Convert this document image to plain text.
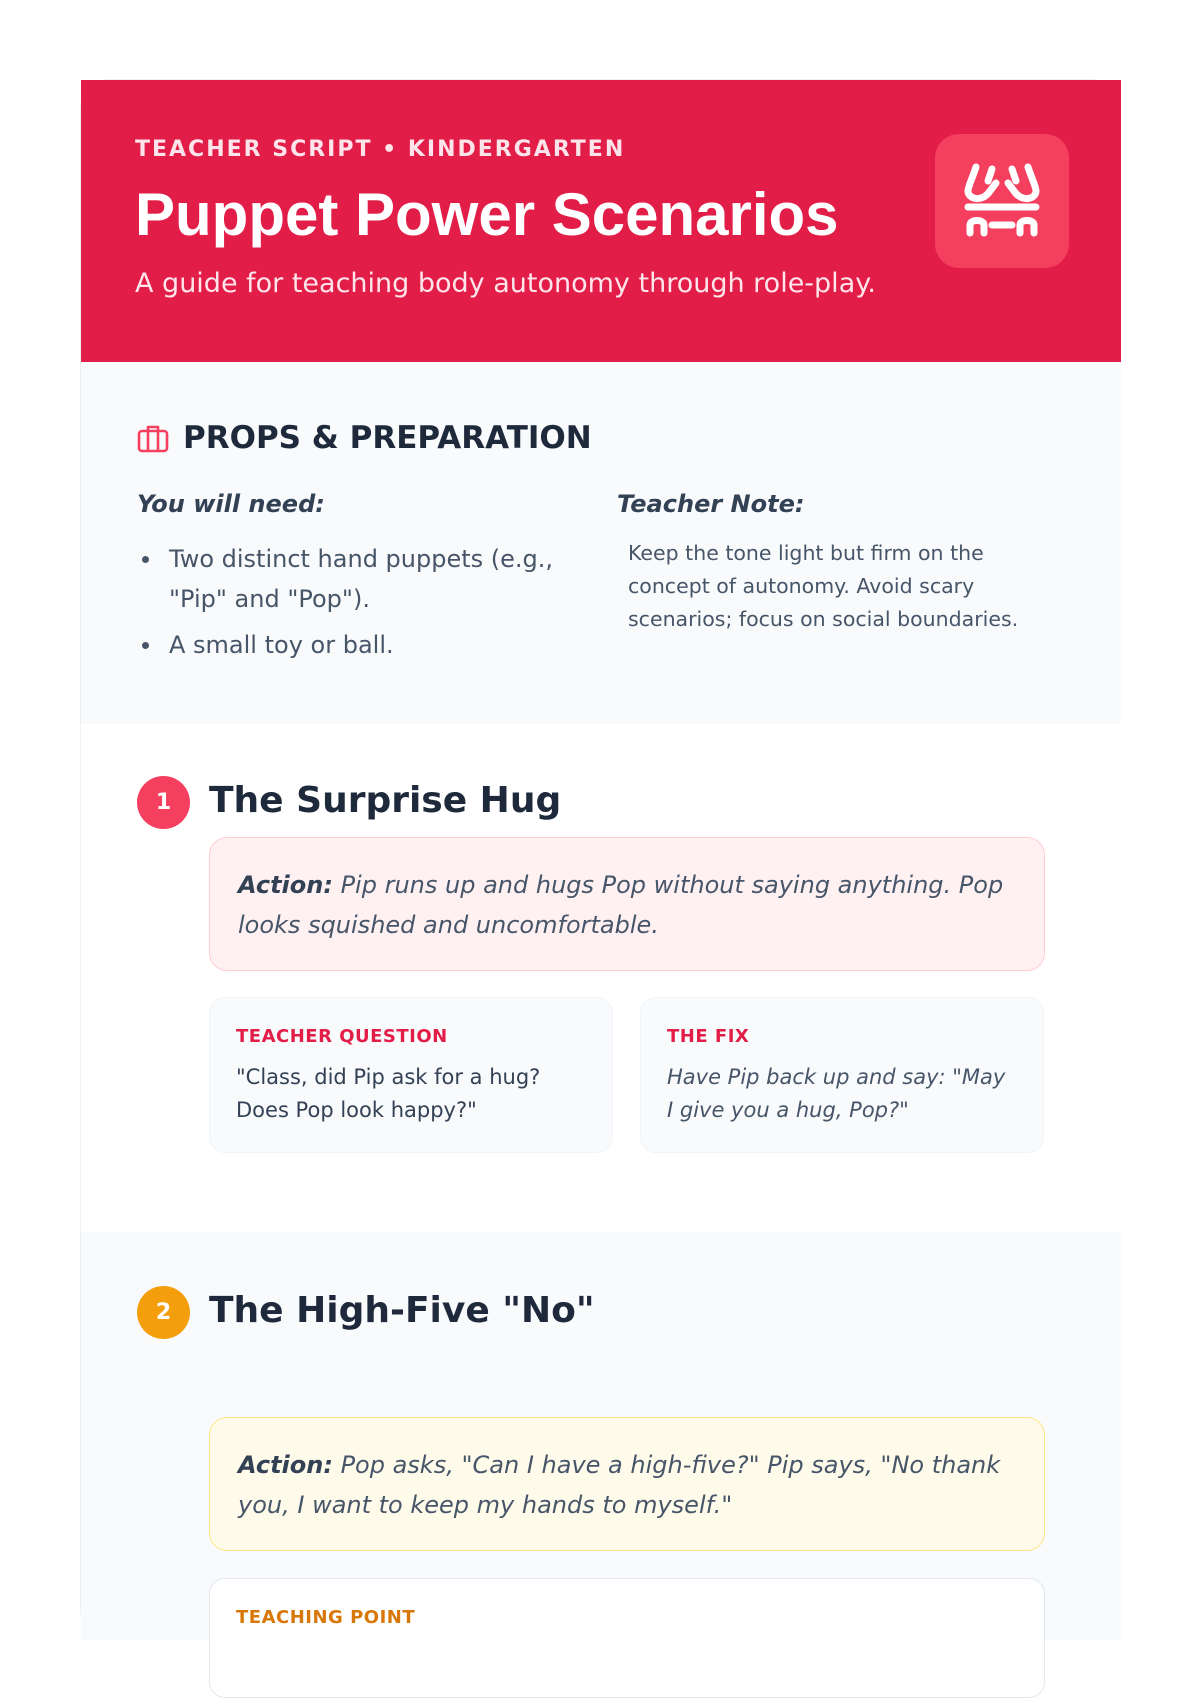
TEACHER SCRIPT • KINDERGARTEN
Puppet Power Scenarios
A guide for teaching body autonomy through role-play.
PROPS & PREPARATION
You will need:
Two distinct hand puppets (e.g., "Pip" and "Pop").
A small toy or ball.
Teacher Note:

Keep the tone light but firm on the concept of autonomy. Avoid scary scenarios; focus on social boundaries.

1	The Surprise Hug
Action: Pip runs up and hugs Pop without saying anything. Pop looks squished and uncomfortable.
TEACHER QUESTION
"Class, did Pip ask for a hug? Does Pop look happy?"
THE FIX
Have Pip back up and say: "May I give you a hug, Pop?"
2	The High-Five "No"
Action: Pop asks, "Can I have a high-five?" Pip says, "No thank you, I want to keep my hands to myself."
TEACHING POINT
